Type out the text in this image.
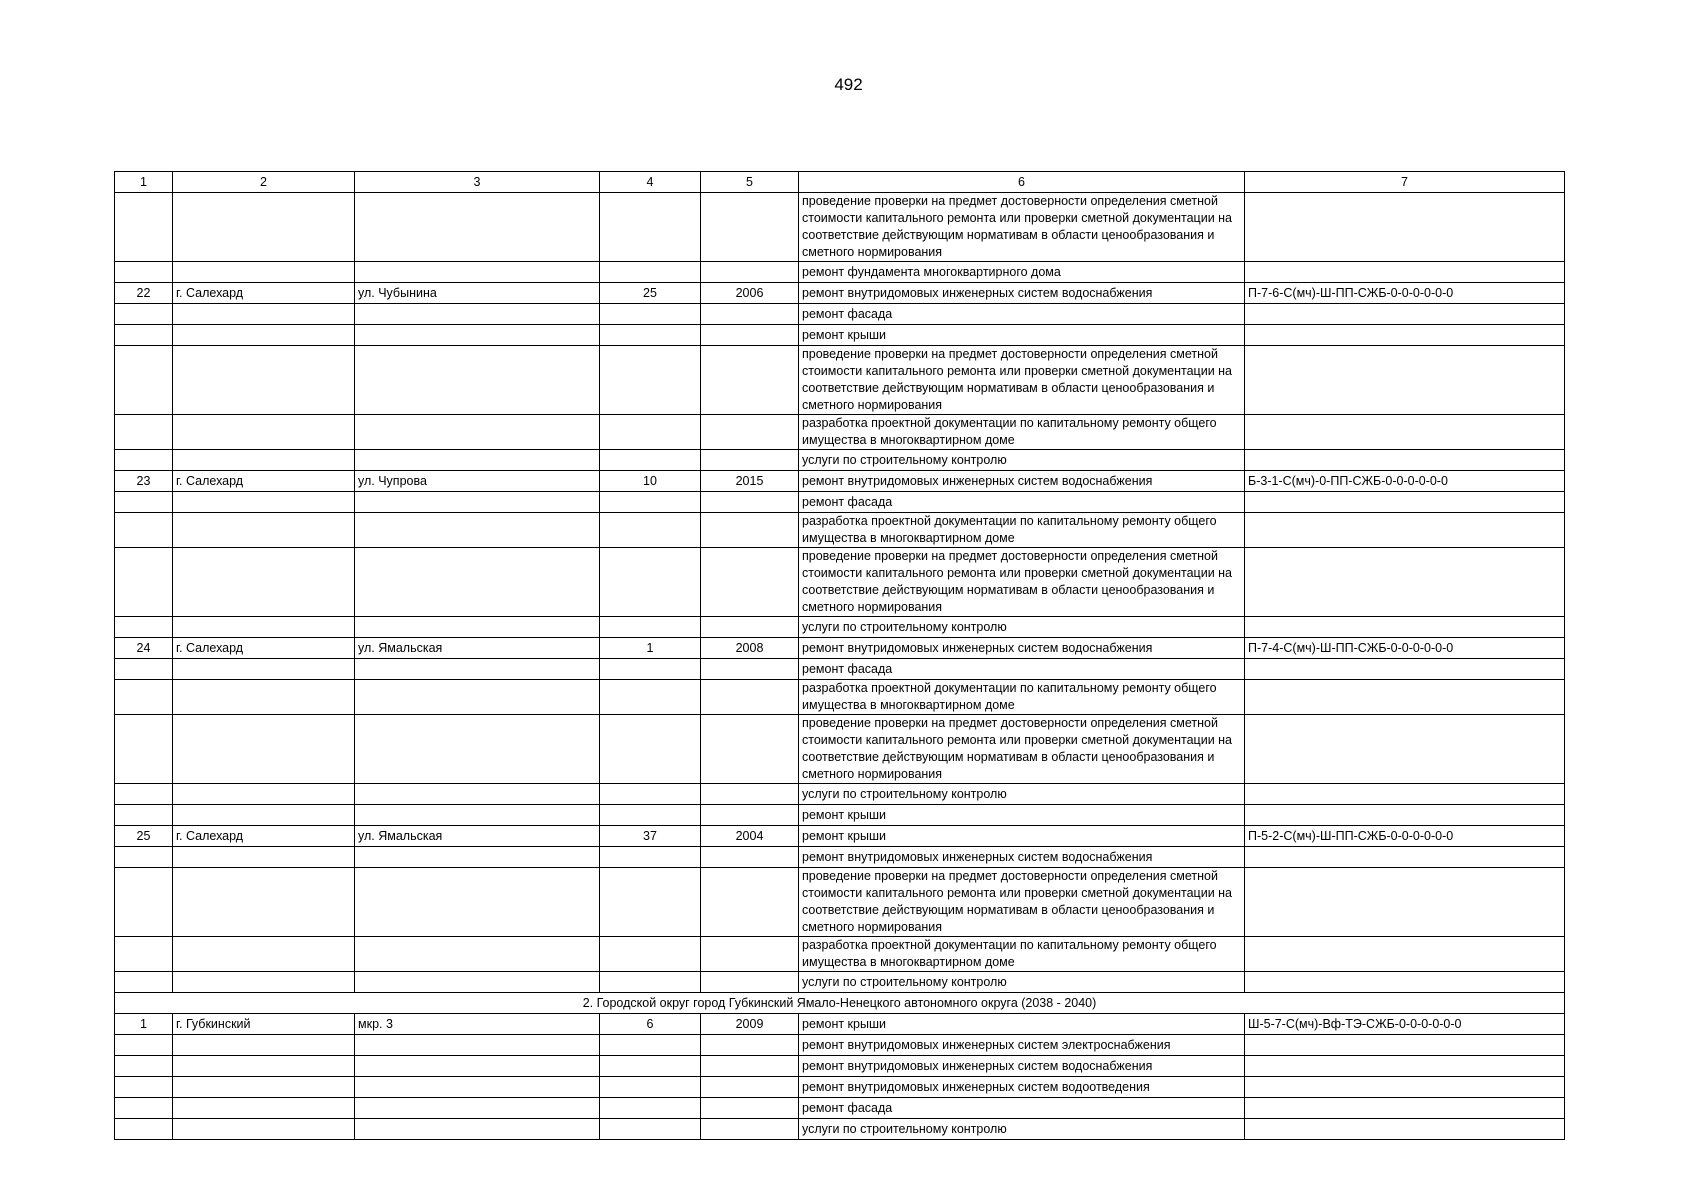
492
1	2	3	4	5	6	7
					проведение проверки на предмет достоверности определения сметной стоимости капитального ремонта или проверки сметной документации на соответствие действующим нормативам в области ценообразования и сметного нормирования	
					ремонт фундамента многоквартирного дома	
22	г. Салехард	ул. Чубынина	25	2006	ремонт внутридомовых инженерных систем водоснабжения	П-7-6-С(мч)-Ш-ПП-СЖБ-0-0-0-0-0-0
					ремонт фасада	
					ремонт крыши	
					проведение проверки на предмет достоверности определения сметной стоимости капитального ремонта или проверки сметной документации на соответствие действующим нормативам в области ценообразования и сметного нормирования	
					разработка проектной документации по капитальному ремонту общего имущества в многоквартирном доме	
					услуги по строительному контролю	
23	г. Салехард	ул. Чупрова	10	2015	ремонт внутридомовых инженерных систем водоснабжения	Б-3-1-С(мч)-0-ПП-СЖБ-0-0-0-0-0-0
					ремонт фасада	
					разработка проектной документации по капитальному ремонту общего имущества в многоквартирном доме	
					проведение проверки на предмет достоверности определения сметной стоимости капитального ремонта или проверки сметной документации на соответствие действующим нормативам в области ценообразования и сметного нормирования	
					услуги по строительному контролю	
24	г. Салехард	ул. Ямальская	1	2008	ремонт внутридомовых инженерных систем водоснабжения	П-7-4-С(мч)-Ш-ПП-СЖБ-0-0-0-0-0-0
					ремонт фасада	
					разработка проектной документации по капитальному ремонту общего имущества в многоквартирном доме	
					проведение проверки на предмет достоверности определения сметной стоимости капитального ремонта или проверки сметной документации на соответствие действующим нормативам в области ценообразования и сметного нормирования	
					услуги по строительному контролю	
					ремонт крыши	
25	г. Салехард	ул. Ямальская	37	2004	ремонт крыши	П-5-2-С(мч)-Ш-ПП-СЖБ-0-0-0-0-0-0
					ремонт внутридомовых инженерных систем водоснабжения	
					проведение проверки на предмет достоверности определения сметной стоимости капитального ремонта или проверки сметной документации на соответствие действующим нормативам в области ценообразования и сметного нормирования	
					разработка проектной документации по капитальному ремонту общего имущества в многоквартирном доме	
					услуги по строительному контролю	
2. Городской округ город Губкинский Ямало-Ненецкого автономного округа (2038 - 2040)						
1	г. Губкинский	мкр. 3	6	2009	ремонт крыши	Ш-5-7-С(мч)-Вф-ТЭ-СЖБ-0-0-0-0-0-0
					ремонт внутридомовых инженерных систем электроснабжения	
					ремонт внутридомовых инженерных систем водоснабжения	
					ремонт внутридомовых инженерных систем водоотведения	
					ремонт фасада	
					услуги по строительному контролю	
